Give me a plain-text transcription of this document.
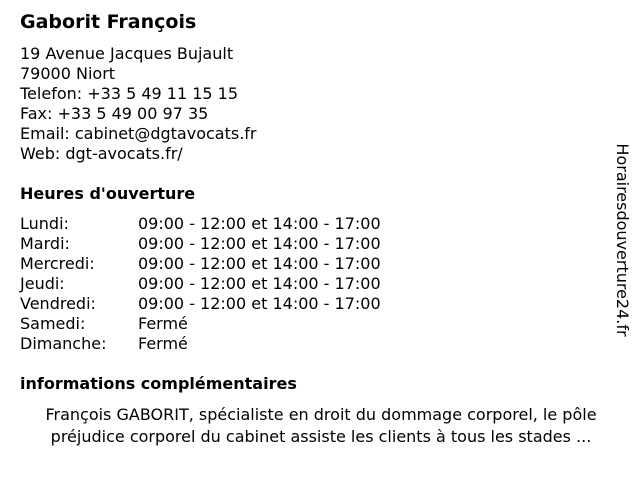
Gaborit François
19 Avenue Jacques Bujault
79000 Niort
Telefon: +33 5 49 11 15 15
Fax: +33 5 49 00 97 35
Email: cabinet@dgtavocats.fr
Web: dgt-avocats.fr/
Heures d'ouverture
Lundi:	09:00 - 12:00 et 14:00 - 17:00
Mardi:	09:00 - 12:00 et 14:00 - 17:00
Mercredi:	09:00 - 12:00 et 14:00 - 17:00
Jeudi:	09:00 - 12:00 et 14:00 - 17:00
Vendredi:	09:00 - 12:00 et 14:00 - 17:00
Samedi:	Fermé
Dimanche: Fermé
informations complémentaires
François GABORIT, spécialiste en droit du dommage corporel, le pôle préjudice corporel du cabinet assiste les clients à tous les stades ...
Horairesdouverture24.fr
